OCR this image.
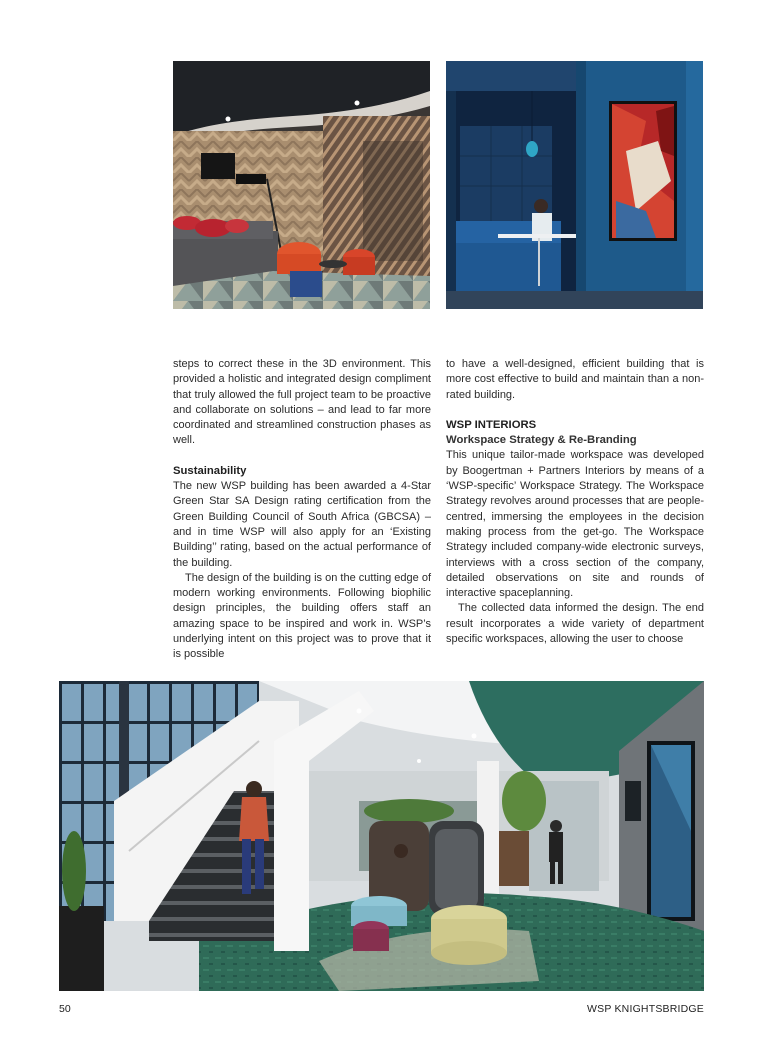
steps to correct these in the 3D environment. This provided a holistic and integrated design compliment that truly allowed the full project team to be proactive and collaborate on solutions – and lead to far more coordinated and streamlined construction phases as well.

Sustainability

The new WSP building has been awarded a 4-Star Green Star SA Design rating certification from the Green Building Council of South Africa (GBCSA) – and in time WSP will also apply for an ‘Existing Building’’ rating, based on the actual performance of the building.

The design of the building is on the cutting edge of modern working environments. Following biophilic design principles, the building offers staff an amazing space to be inspired and work in. WSP’s underlying intent on this project was to prove that it is possible

to have a well-designed, efficient building that is more cost effective to build and maintain than a non-rated building.

WSP INTERIORS
Workspace Strategy & Re-Branding

This unique tailor-made workspace was developed by Boogertman + Partners Interiors by means of a ‘WSP-specific’ Workspace Strategy. The Workspace Strategy revolves around processes that are people-centred, immersing the employees in the decision making process from the get-go. The Workspace Strategy included company-wide electronic surveys, interviews with a cross section of the company, detailed observations on site and rounds of interactive spaceplanning.

The collected data informed the design. The end result incorporates a wide variety of department specific workspaces, allowing the user to choose

50	WSP KNIGHTSBRIDGE
